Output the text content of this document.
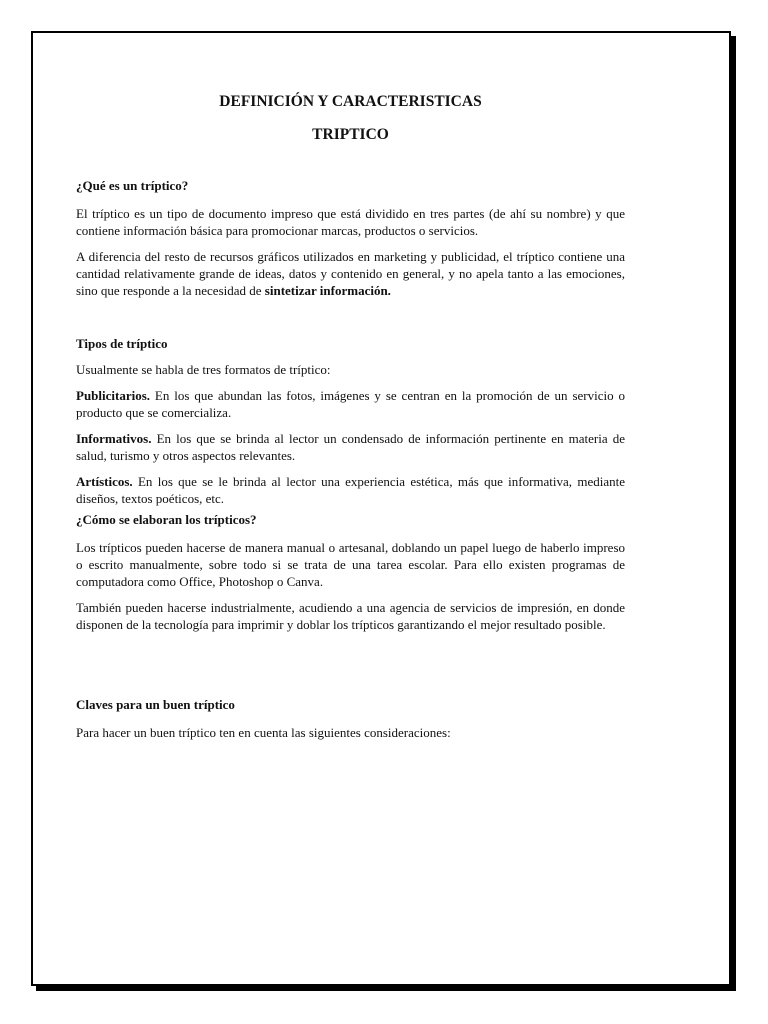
DEFINICIÓN Y CARACTERISTICAS
TRIPTICO
¿Qué es un tríptico?

El tríptico es un tipo de documento impreso que está dividido en tres partes (de ahí su nombre) y que contiene información básica para promocionar marcas, productos o servicios.

A diferencia del resto de recursos gráficos utilizados en marketing y publicidad, el tríptico contiene una cantidad relativamente grande de ideas, datos y contenido en general, y no apela tanto a las emociones, sino que responde a la necesidad de sintetizar información.

Tipos de tríptico

Usualmente se habla de tres formatos de tríptico:

Publicitarios. En los que abundan las fotos, imágenes y se centran en la promoción de un servicio o producto que se comercializa.

Informativos. En los que se brinda al lector un condensado de información pertinente en materia de salud, turismo y otros aspectos relevantes.

Artísticos. En los que se le brinda al lector una experiencia estética, más que informativa, mediante diseños, textos poéticos, etc.

¿Cómo se elaboran los trípticos?

Los trípticos pueden hacerse de manera manual o artesanal, doblando un papel luego de haberlo impreso o escrito manualmente, sobre todo si se trata de una tarea escolar. Para ello existen programas de computadora como Office, Photoshop o Canva.

También pueden hacerse industrialmente, acudiendo a una agencia de servicios de impresión, en donde disponen de la tecnología para imprimir y doblar los trípticos garantizando el mejor resultado posible.

Claves para un buen tríptico

Para hacer un buen tríptico ten en cuenta las siguientes consideraciones:
